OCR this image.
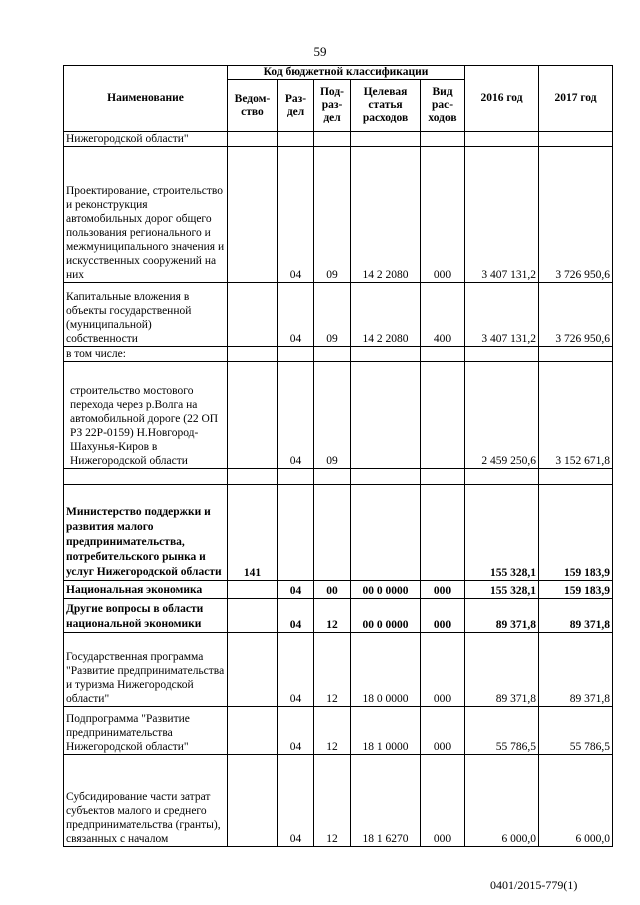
59
Наименование	Код бюджетной классификации					2016 год	2017 год
	Ведом-ство	Раз-дел	Под-раз-дел	Целевая статья расходов	Вид рас-ходов		
Нижегородской области"							
Проектирование, строительство и реконструкция автомобильных дорог общего пользования регионального и межмуниципального значения и искусственных сооружений на них		04	09	14 2 2080	000	3 407 131,2	3 726 950,6
Капитальные вложения в объекты государственной (муниципальной) собственности		04	09	14 2 2080	400	3 407 131,2	3 726 950,6
в том числе:							
строительство мостового перехода через р.Волга на автомобильной дороге (22 ОП РЗ 22Р-0159) Н.Новгород-Шахунья-Киров в Нижегородской области		04	09			2 459 250,6	3 152 671,8

Министерство поддержки и развития малого предпринимательства, потребительского рынка и услуг Нижегородской области	141					155 328,1	159 183,9
Национальная экономика		04	00	00 0 0000	000	155 328,1	159 183,9
Другие вопросы в области национальной экономики		04	12	00 0 0000	000	89 371,8	89 371,8
Государственная программа "Развитие предпринимательства и туризма Нижегородской области"		04	12	18 0 0000	000	89 371,8	89 371,8
Подпрограмма "Развитие предпринимательства Нижегородской области"		04	12	18 1 0000	000	55 786,5	55 786,5
Субсидирование части затрат субъектов малого и среднего предпринимательства (гранты), связанных с началом		04	12	18 1 6270	000	6 000,0	6 000,0
0401/2015-779(1)
